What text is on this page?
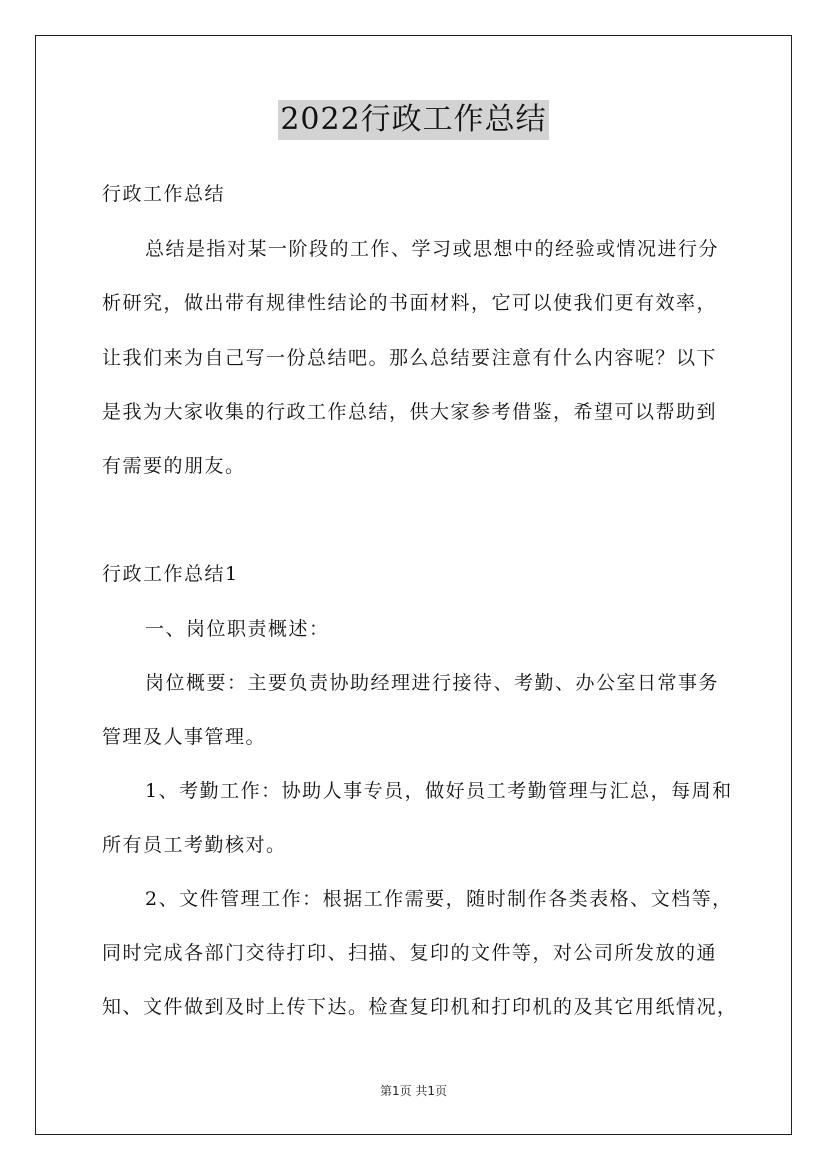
2022行政工作总结
行政工作总结
总结是指对某一阶段的工作、学习或思想中的经验或情况进行分
析研究，做出带有规律性结论的书面材料，它可以使我们更有效率，
让我们来为自己写一份总结吧。那么总结要注意有什么内容呢？以下
是我为大家收集的行政工作总结，供大家参考借鉴，希望可以帮助到
有需要的朋友。
行政工作总结1
一、岗位职责概述：
岗位概要：主要负责协助经理进行接待、考勤、办公室日常事务
管理及人事管理。
1、考勤工作：协助人事专员，做好员工考勤管理与汇总，每周和
所有员工考勤核对。
2、文件管理工作：根据工作需要，随时制作各类表格、文档等，
同时完成各部门交待打印、扫描、复印的文件等，对公司所发放的通
知、文件做到及时上传下达。检查复印机和打印机的及其它用纸情况，
第1页 共1页
